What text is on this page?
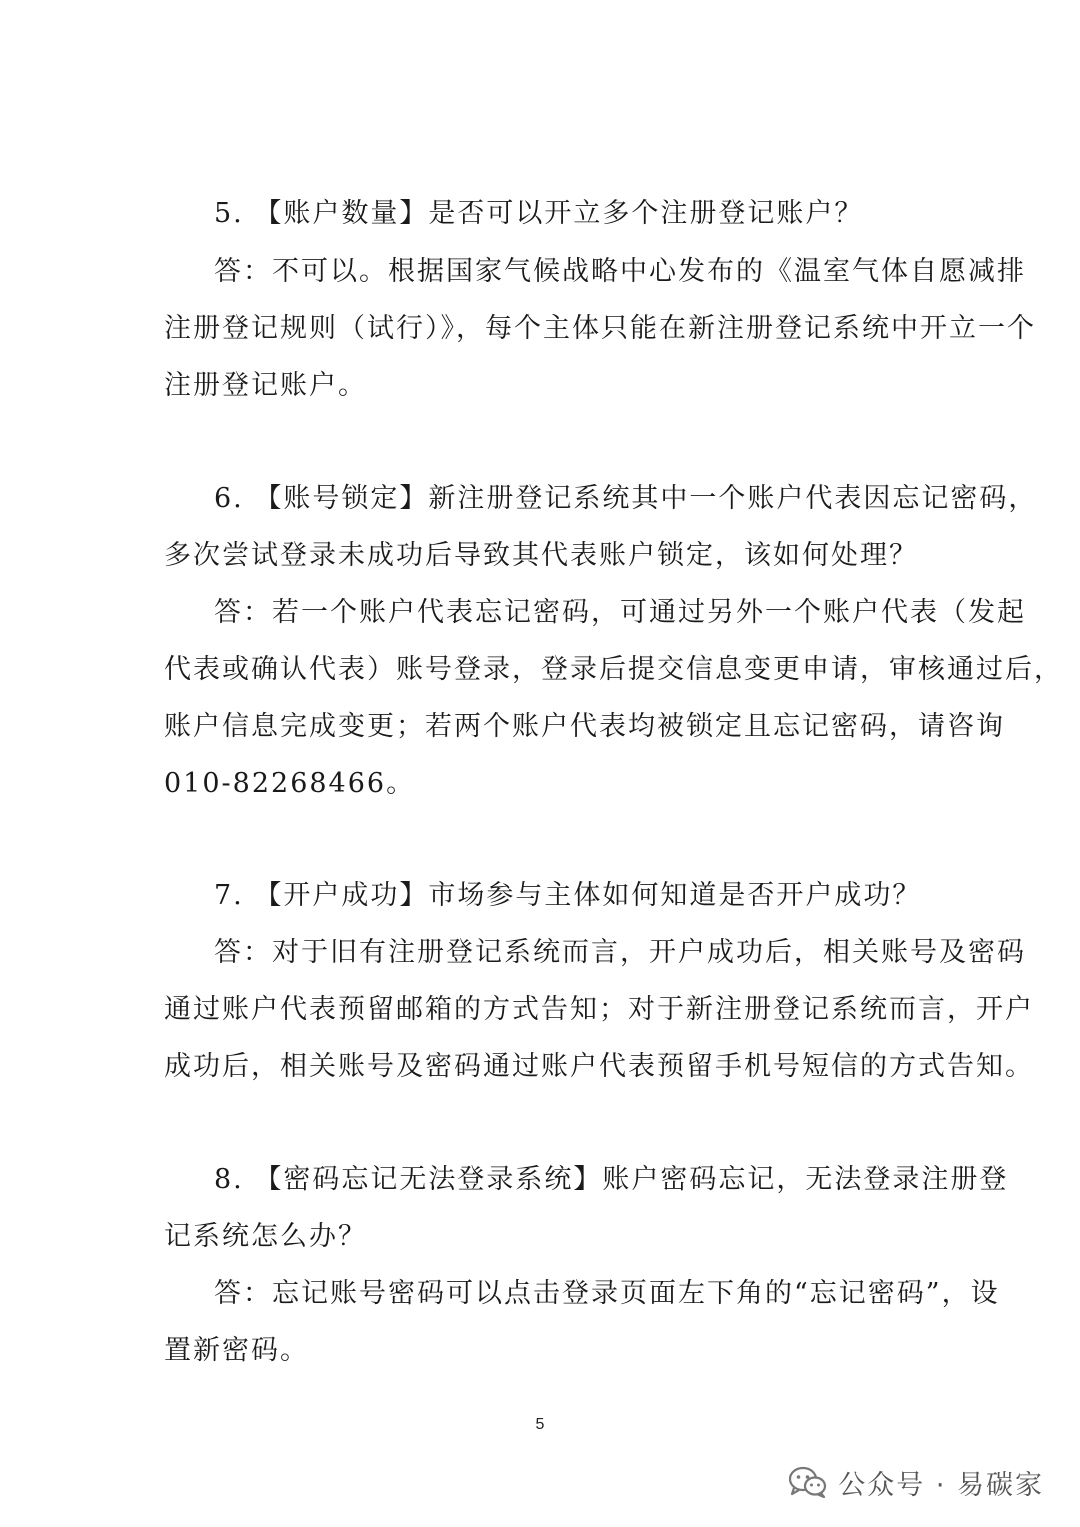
5. 【账户数量】是否可以开立多个注册登记账户？
答：不可以。根据国家气候战略中心发布的《温室气体自愿减排
注册登记规则（试行）》，每个主体只能在新注册登记系统中开立一个
注册登记账户。
6. 【账号锁定】新注册登记系统其中一个账户代表因忘记密码，
多次尝试登录未成功后导致其代表账户锁定，该如何处理？
答：若一个账户代表忘记密码，可通过另外一个账户代表（发起
代表或确认代表）账号登录，登录后提交信息变更申请，审核通过后，
账户信息完成变更；若两个账户代表均被锁定且忘记密码，请咨询
010-82268466。
7. 【开户成功】市场参与主体如何知道是否开户成功？
答：对于旧有注册登记系统而言，开户成功后，相关账号及密码
通过账户代表预留邮箱的方式告知；对于新注册登记系统而言，开户
成功后，相关账号及密码通过账户代表预留手机号短信的方式告知。
8. 【密码忘记无法登录系统】账户密码忘记，无法登录注册登
记系统怎么办？
答：忘记账号密码可以点击登录页面左下角的“忘记密码”，设
置新密码。
5
公众号 · 易碳家
